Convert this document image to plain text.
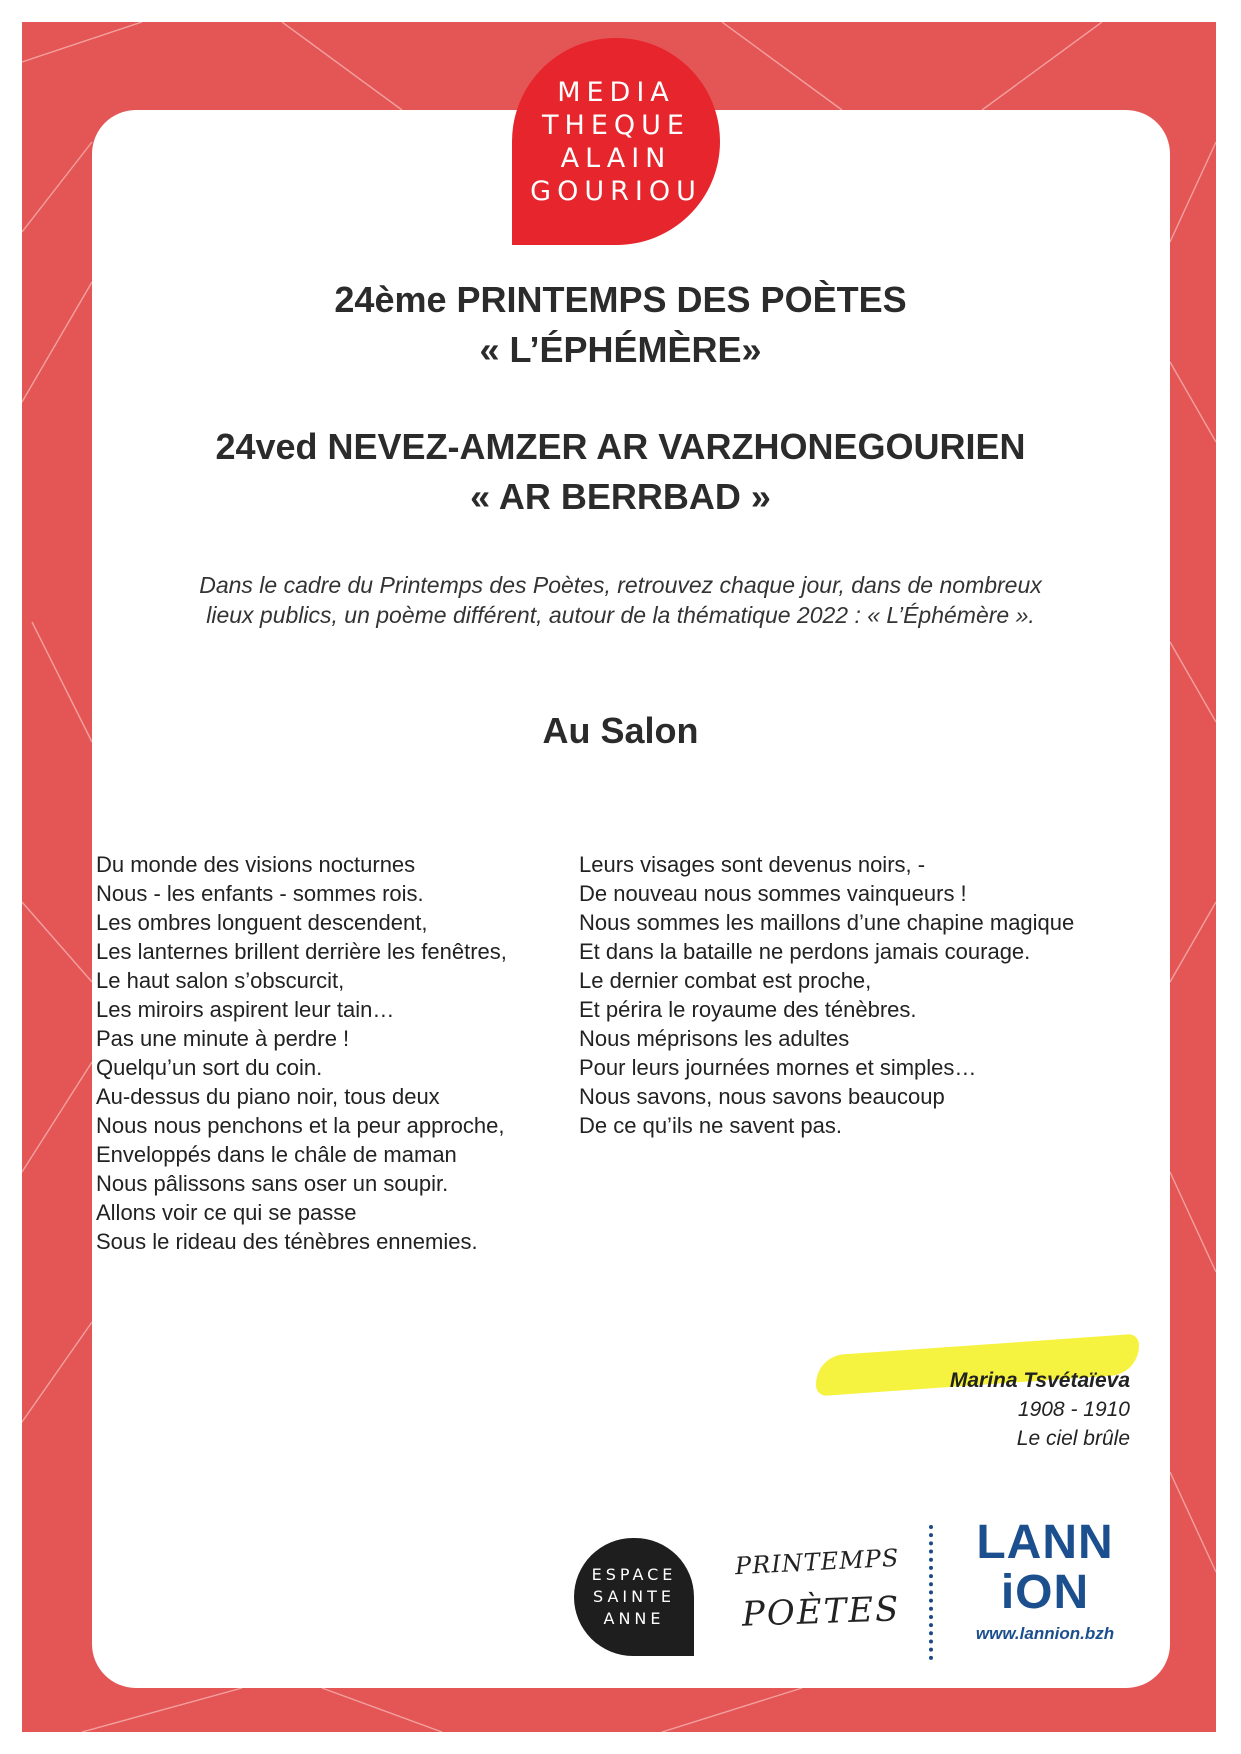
MEDIA
THEQUE
ALAIN
GOURIOU
24ème PRINTEMPS DES POÈTES
« L’ÉPHÉMÈRE»
24ved NEVEZ-AMZER AR VARZHONEGOURIEN
« AR BERRBAD »
Dans le cadre du Printemps des Poètes, retrouvez chaque jour, dans de nombreux
lieux publics, un poème différent, autour de la thématique 2022 : « L’Éphémère ».
Au Salon
Du monde des visions nocturnes
Nous - les enfants - sommes rois.
Les ombres longuent descendent,
Les lanternes brillent derrière les fenêtres,
Le haut salon s’obscurcit,
Les miroirs aspirent leur tain…
Pas une minute à perdre !
Quelqu’un sort du coin.
Au-dessus du piano noir, tous deux
Nous nous penchons et la peur approche,
Enveloppés dans le châle de maman
Nous pâlissons sans oser un soupir.
Allons voir ce qui se passe
Sous le rideau des ténèbres ennemies.
Leurs visages sont devenus noirs, -
De nouveau nous sommes vainqueurs !
Nous sommes les maillons d’une chapine magique
Et dans la bataille ne perdons jamais courage.
Le dernier combat est proche,
Et périra le royaume des ténèbres.
Nous méprisons les adultes
Pour leurs journées mornes et simples…
Nous savons, nous savons beaucoup
De ce qu’ils ne savent pas.
Marina Tsvétaïeva
1908 - 1910
Le ciel brûle
ESPACE
SAINTE
ANNE
PRINTEMPS
POÈTES
LANN
iON
www.lannion.bzh
